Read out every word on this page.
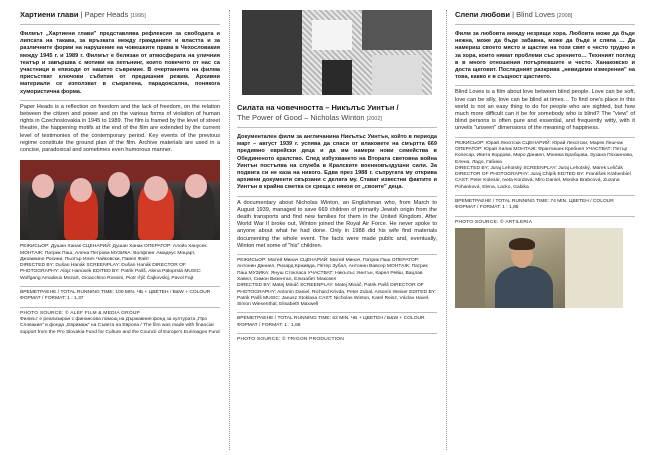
Хартиени глави | Paper Heads [1995]

Филмът „Хартиени глави" представлява рефлексия за свободата и липсата на такава, за връзката между гражданите и властта и за различните форми на нарушение на човешките права в Чехословакия между 1945 г. и 1989 г. Филмът е белязан от атмосферата на уличния театър и завършва с мотиви на хепънинг, които повечето от нас са участници в епизоди от нашето съвремие. В очертанията на филма присъстват ключови събития от предишния режим. Архивни материали се използват в съкратена, парадоксална, понякога хумористична форма.

Paper Heads is a reflection on freedom and the lack of freedom, on the relation between the citizen and power and on the various forms of violation of human rights in Czechoslovakia in 1945 to 1989. The film is framed by the level of street theatre, the happening motifs at the end of the film are extended by the current level of testimonies of the contemporary period. Key events of the previous regime constitute the ground plan of the film. Archive materials are used in a concise, paradoxical and sometimes even humorous manner.

РЕЖИСЬОР: Душан Ханак СЦЕНАРИЙ: Душан Ханак ОПЕРАТОР: Алойз Ханусек МОНТАЖ: Патрик Паш, Алена Петрова МУЗИКА: Волфганг Амадеус Моцарт, Джоаккино Росини, Пьотър Илич Чайковски, Павел Файт

DIRECTED BY: Dušan Hanák SCREENPLAY: Dušan Hanák DIRECTOR OF PHOTOGRAPHY: Alojz Hanúsek EDITED BY: Patrik Pašš, Alena Pätoprstá MUSIC: Wolfgang Amadeus Mozart, Gioacchino Rossini, Piotr Il'jič Čajkovskij, Pavol Fajt

ВРЕМЕТРАЕНЕ / TOTAL RUNNING TIME: 100 MIN. ЧБ + ЦВЕТЕН / B&W + COLOUR ФОРМАТ / FORMAT: 1 : 1,37

PHOTO SOURCE: © ALEF FILM & MEDIA GROUP

Филмът е реализиран с финансова помощ на Държавния фонд за културата „Про Словакия" и фонда „Евримаж" на Съвета на Европа / The film was made with financial support from the Pro Slovakia Fund for Culture and the Council of Europe's Eurimages Fund

Силата на човечността – Никълъс Уинтън /
The Power of Good – Nicholas Winton [2002]

Документален филм за англичанина Никълъс Уинтън, който в периода март – август 1939 г. успява да спаси от влаковете на смъртта 669 предимно еврейски деца и да им намери нови семейства в Обединеното кралство. След избухването на Втората световна война Уинтън постъпва на служба в Кралските военновъздушни сили. За подвига си не каза на никого. Едва през 1988 г. съпругата му открива архивни документи свързани с делата му. Стават известни фактите и Уинтън в крайна сметка се среща с някои от „своите" деца.

A documentary about Nicholas Winton, an Englishman who, from March to August 1939, managed to save 669 children of primarily Jewish origin from the death transports and find new families for them in the United Kingdom. After World War II broke out, Winton joined the Royal Air Force. He never spoke to anyone about what he had done. Only in 1988 did his wife find materials documenting the whole event. The facts were made public and, eventually, Winton met some of "his" children.

РЕЖИСЬОР: Матей Минач СЦЕНАРИЙ: Матей Минач, Патрик Паш ОПЕРАТОР: Антонин Даниел, Рихард Крживда, Петер Зубал, Антонин Вавсер МОНТАЖ: Патрик Паш МУЗИКА: Януш Стокласа УЧАСТВАТ: Никълъс Уинтън, Карел Рейш, Вацлав Хавел, Симон Визентал, Елизабет Максвел

DIRECTED BY: Matej Mináč SCREENPLAY: Matej Mináč, Patrik Pašš DIRECTOR OF PHOTOGRAPHY: Antonín Daniel, Richard Krivda, Peter Zubal, Antonín Weiser EDITED BY: Patrik Pašš MUSIC: Janusz Stoklasa CAST: Nicholas Winton, Karel Reisz, Václav Havel, Simon Wiesenthal, Elisabeth Maxwell

ВРЕМЕТРАЕНЕ / TOTAL RUNNING TIME: 62 MIN. ЧБ + ЦВЕТЕН / B&W + COLOUR ФОРМАТ / FORMAT: 1 : 1,66

PHOTO SOURCE: © TRIGON PRODUCTION

Слепи любови | Blind Loves [2008]

Филм за любовта между незрящи хора. Любовта може да бъде нежна, може да бъде забавна, може да бъде и сляпа … Да намериш своето място и щастие на този свят е често трудно и за хора, които нямат проблеми със зрението… Технният поглед в в много отношения потърпевшите и често. Ханаковско и доста щеговит. Последният разкрива „невидими измерения" на това, какво е в същност щастието.

Blind Loves is a film about love between blind people. Love can be soft, love can be silly, love can be blind at times… To find one's place in this world is not an easy thing to do for people who are sighted, but how much more difficult can it be for somebody who is blind? The "view" of blind persons is often pure and essential, and frequently witty, with it unveils "unseen" dimensions of the meaning of happiness.

РЕЖИСЬОР: Юрай Лехотски СЦЕНАРИЙ: Юрай Лехотски, Марек Лешчак ОПЕРАТОР: Юрай Хилик МОНТАЖ: Франтишек Кребнел УЧАСТВАТ: Петър Колесар, Иветa Кордова, Миро Даниел, Моника Брабцова, Зузана Поханнова, Елена, Ладо, Габика

DIRECTED BY: Juraj Lehotský SCREENPLAY: Juraj Lehotský, Marek Leščák DIRECTOR OF PHOTOGRAPHY: Juraj Chlpík EDITED BY: František Krähenbiel CAST: Peter Kolesár, Iveta Kordová, Miro Daniel, Monika Brabcová, Zuzana Pohanková, Elena, Lacko, Gabika

ВРЕМЕТРАЕНЕ / TOTAL RUNNING TIME: 74 MIN. ЦВЕТЕН / COLOUR ФОРМАТ / FORMAT: 1 : 1,85

PHOTO SOURCE: © ARTILERIA
